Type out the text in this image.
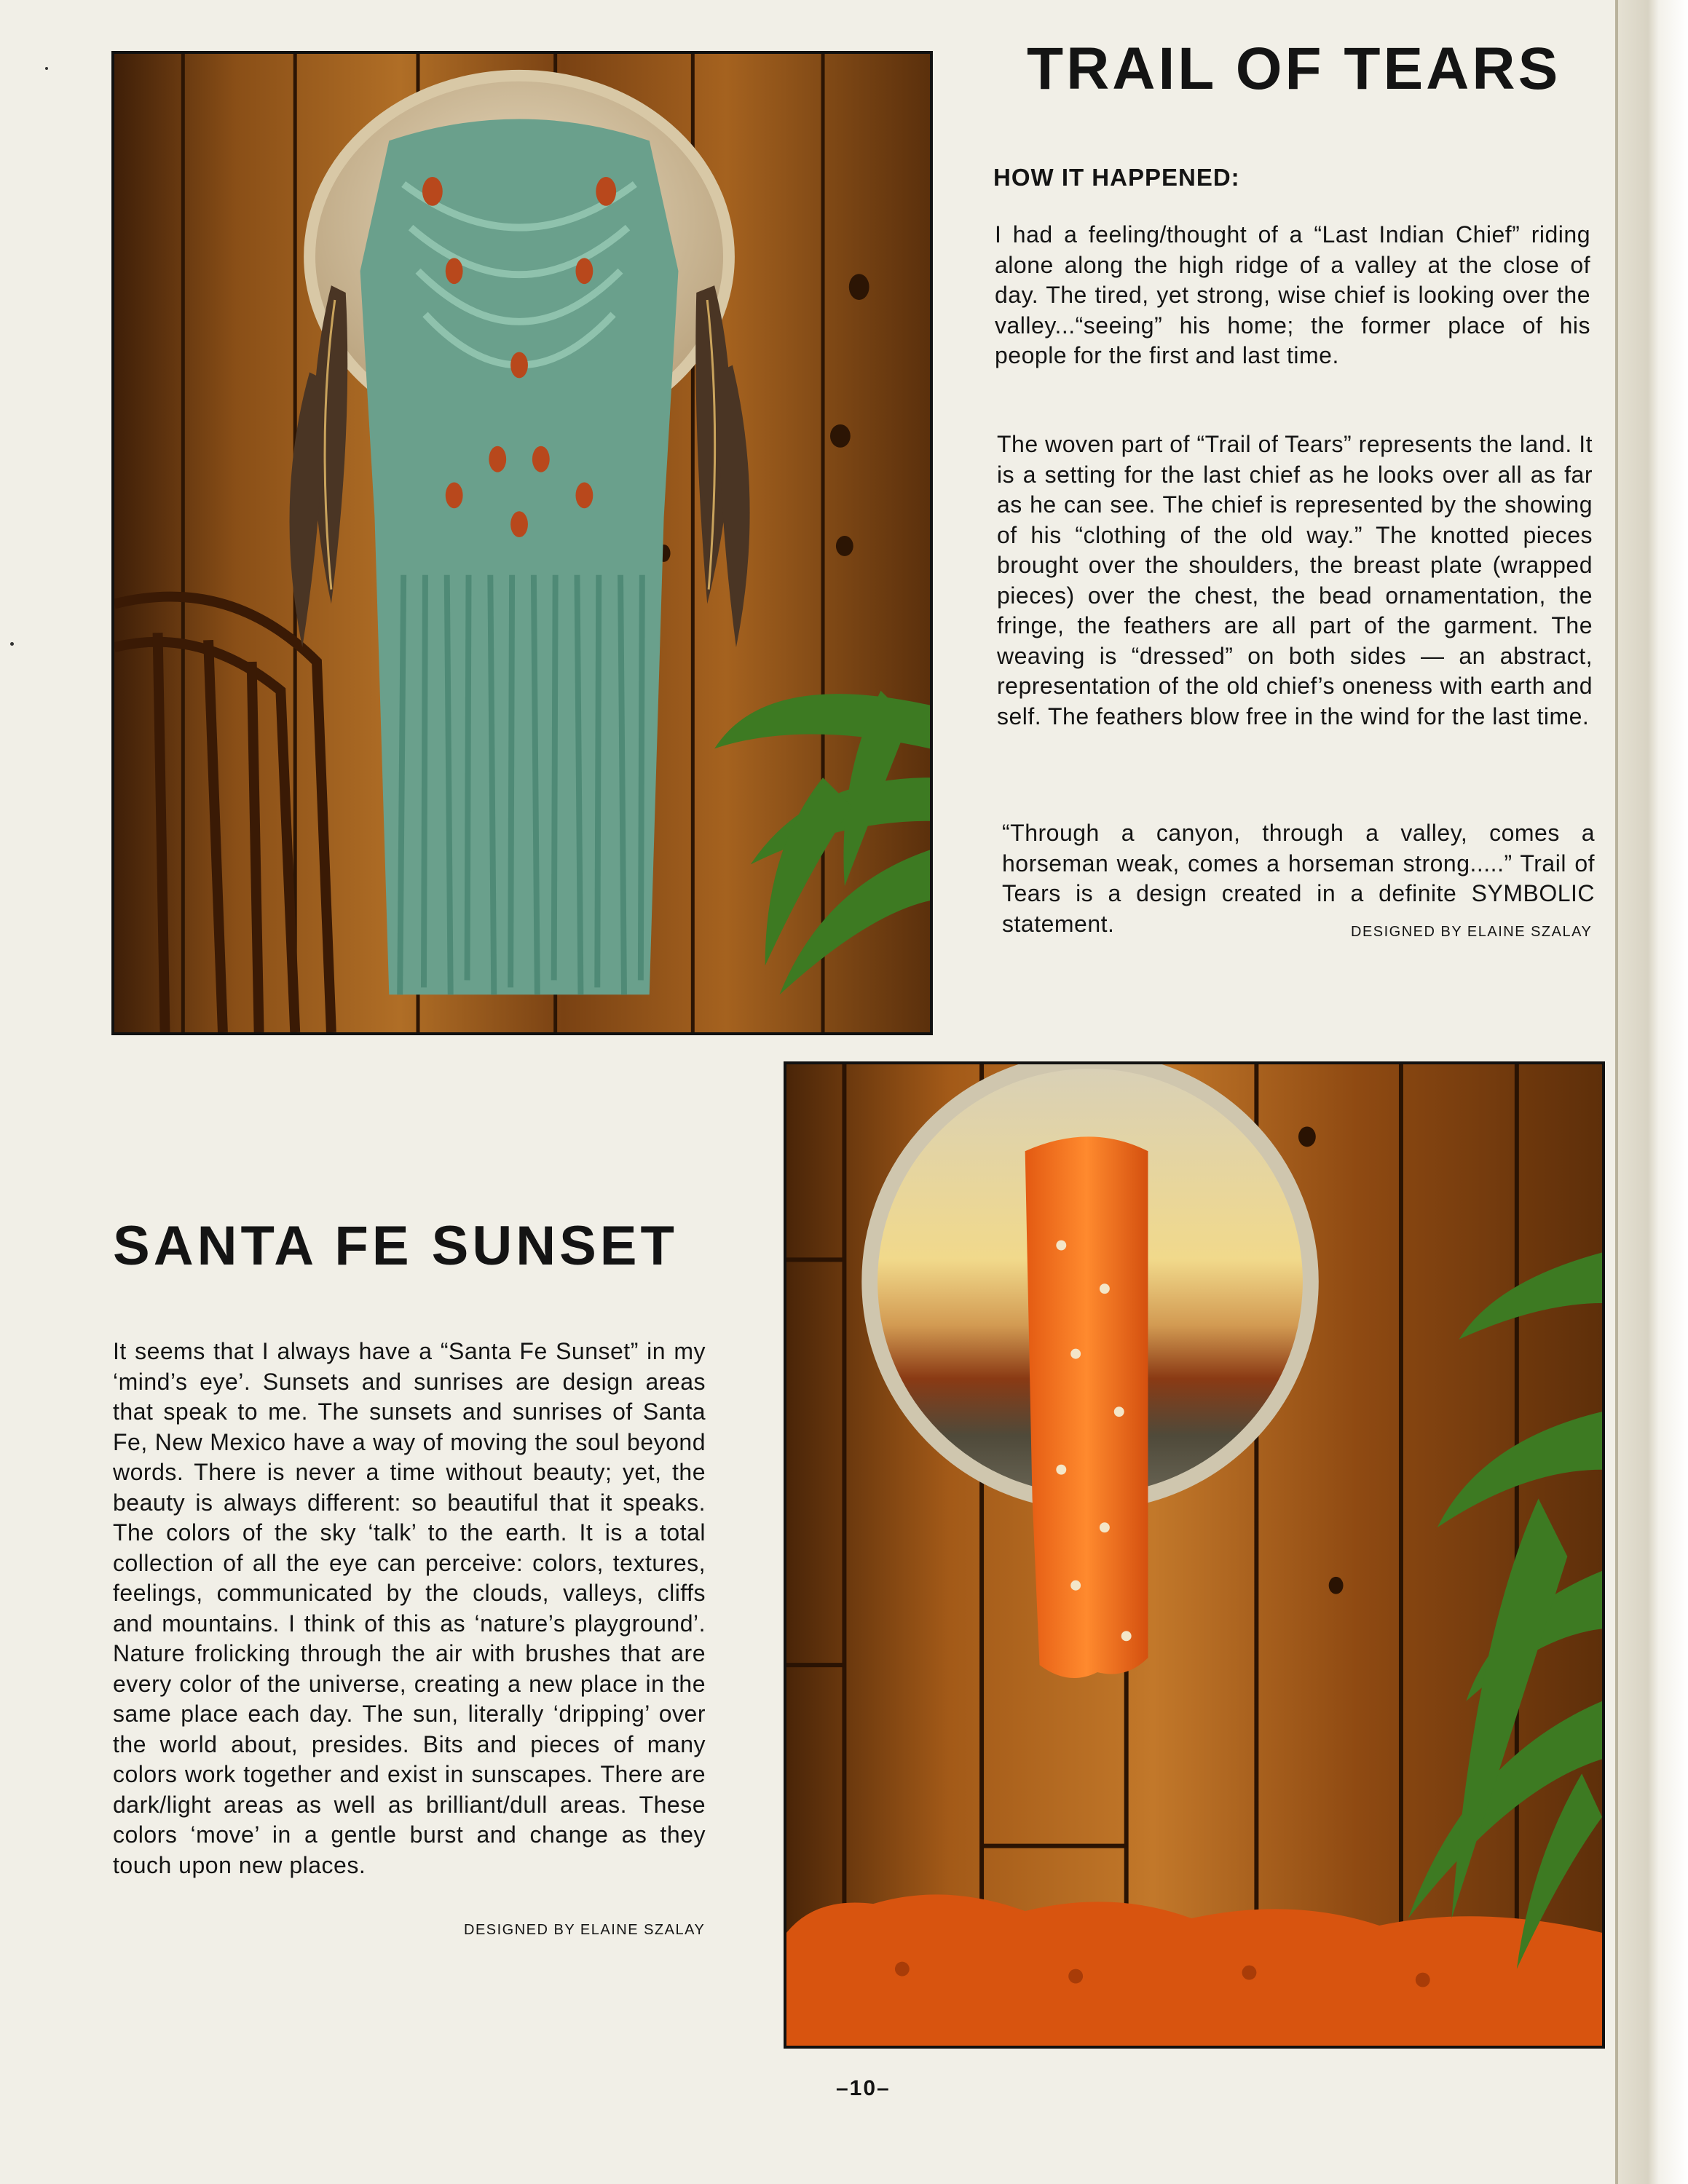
TRAIL OF TEARS

HOW IT HAPPENED:

I had a feeling/thought of a “Last Indian Chief” riding alone along the high ridge of a valley at the close of day. The tired, yet strong, wise chief is looking over the valley...“seeing” his home; the former place of his people for the first and last time.

The woven part of “Trail of Tears” represents the land. It is a setting for the last chief as he looks over all as far as he can see. The chief is represented by the showing of his “clothing of the old way.” The knotted pieces brought over the shoulders, the breast plate (wrapped pieces) over the chest, the bead ornamentation, the fringe, the feathers are all part of the garment. The weaving is “dressed” on both sides — an abstract, representation of the old chief’s oneness with earth and self. The feathers blow free in the wind for the last time.

“Through a canyon, through a valley, comes a horseman weak, comes a horseman strong.....” Trail of Tears is a design created in a definite SYMBOLIC statement.	DESIGNED BY ELAINE SZALAY
SANTA FE SUNSET

It seems that I always have a “Santa Fe Sunset” in my ‘mind’s eye’. Sunsets and sunrises are design areas that speak to me. The sunsets and sunrises of Santa Fe, New Mexico have a way of moving the soul beyond words. There is never a time without beauty; yet, the beauty is always different: so beautiful that it speaks. The colors of the sky ‘talk’ to the earth. It is a total collection of all the eye can perceive: colors, textures, feelings, communicated by the clouds, valleys, cliffs and mountains. I think of this as ‘nature’s playground’. Nature frolicking through the air with brushes that are every color of the universe, creating a new place in the same place each day. The sun, literally ‘dripping’ over the world about, presides. Bits and pieces of many colors work together and exist in sunscapes. There are dark/light areas as well as brilliant/dull areas. These colors ‘move’ in a gentle burst and change as they touch upon new places.

DESIGNED BY ELAINE SZALAY
–10–
